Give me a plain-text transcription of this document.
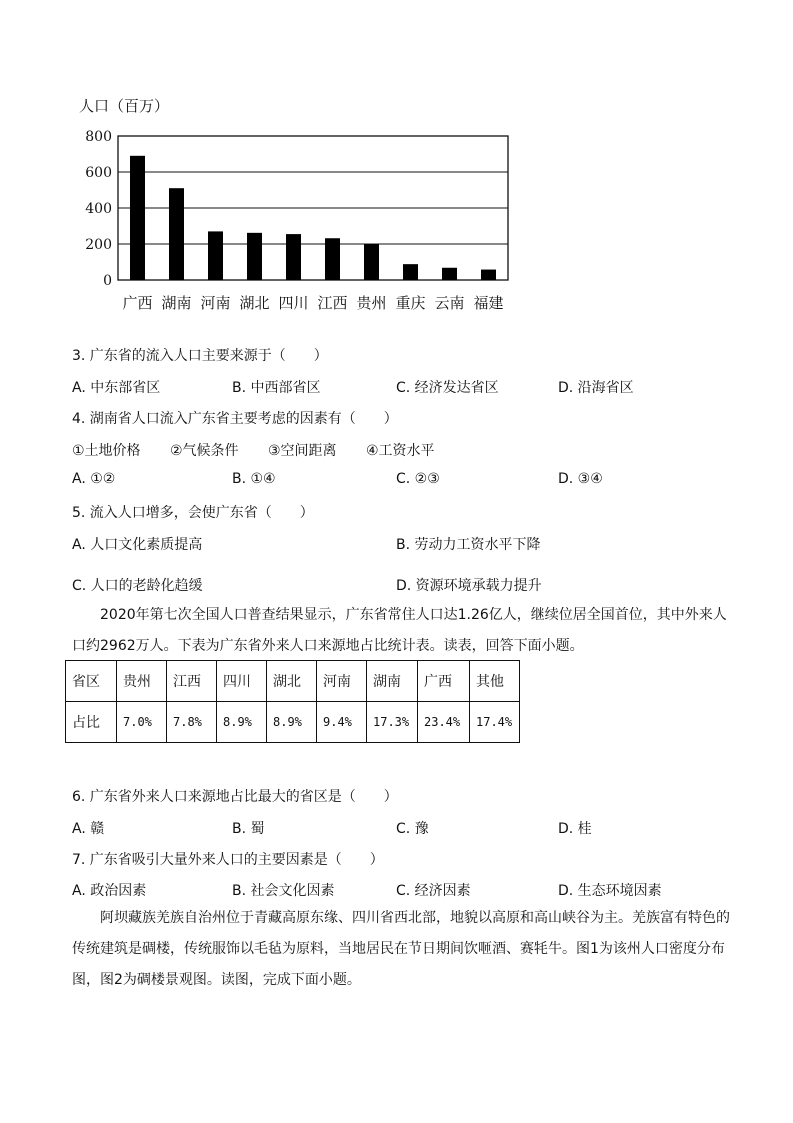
人口（百万）
0
200
400
600
800
广西 湖南 河南 湖北 四川 江西 贵州 重庆 云南 福建
3. 广东省的流入人口主要来源于（　　）
A. 中东部省区	B. 中西部省区	C. 经济发达省区	D. 沿海省区
4. 湖南省人口流入广东省主要考虑的因素有（　　）
①土地价格 ②气候条件 ③空间距离 ④工资水平
A. ①②	B. ①④	C. ②③	D. ③④
5. 流入人口增多，会使广东省（　　）
A. 人口文化素质提高	B. 劳动力工资水平下降
C. 人口的老龄化趋缓	D. 资源环境承载力提升
2020年第七次全国人口普查结果显示，广东省常住人口达1.26亿人，继续位居全国首位，其中外来人口约2962万人。下表为广东省外来人口来源地占比统计表。读表，回答下面小题。
省区	贵州	江西	四川	湖北	河南	湖南	广西	其他
占比	7.0%	7.8%	8.9%	8.9%	9.4%	17.3%	23.4%	17.4%
6. 广东省外来人口来源地占比最大的省区是（　　）
A. 赣	B. 蜀	C. 豫	D. 桂
7. 广东省吸引大量外来人口的主要因素是（　　）
A. 政治因素	B. 社会文化因素	C. 经济因素	D. 生态环境因素
阿坝藏族羌族自治州位于青藏高原东缘、四川省西北部，地貌以高原和高山峡谷为主。羌族富有特色的传统建筑是碉楼，传统服饰以毛毡为原料，当地居民在节日期间饮咂酒、赛牦牛。图1为该州人口密度分布图，图2为碉楼景观图。读图，完成下面小题。
